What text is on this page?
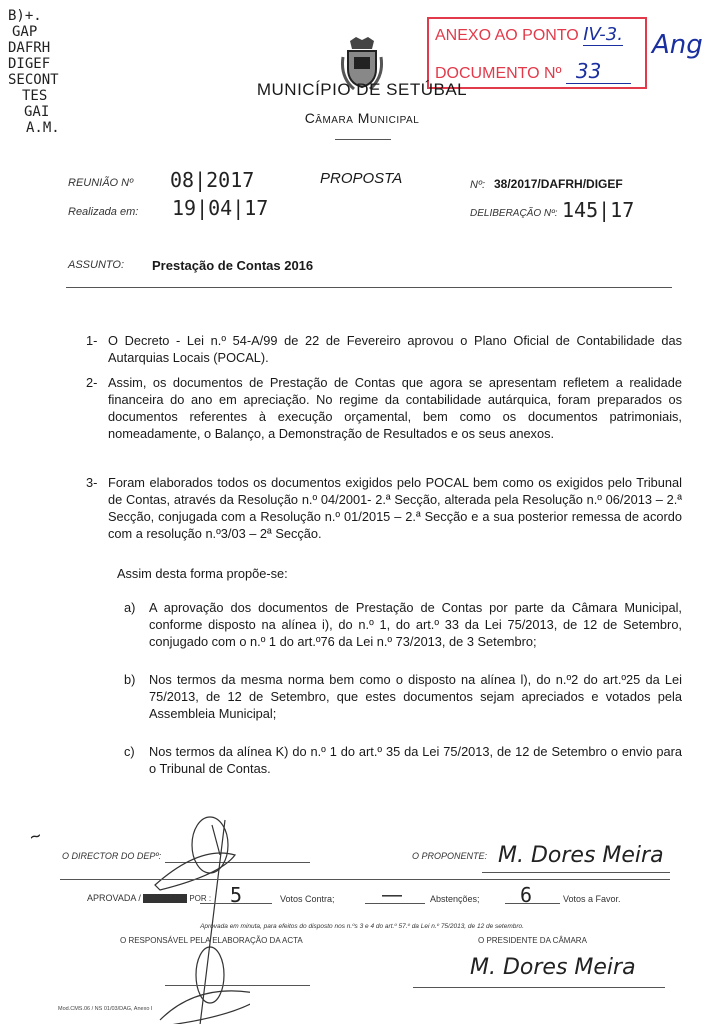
B)+.
GAP
DAFRH
DIGEF
SECONT
TES
GAI
A.M.
ANEXO AO PONTO IV-3.
DOCUMENTO Nº 33
Ang
MUNICÍPIO DE SETÚBAL
Câmara Municipal
REUNIÃO Nº 08|2017
Realizada em: 19|04|17
PROPOSTA	Nº: 38/2017/DAFRH/DIGEF
DELIBERAÇÃO Nº: 145|17
ASSUNTO: Prestação de Contas 2016
1- O Decreto - Lei n.º 54-A/99 de 22 de Fevereiro aprovou o Plano Oficial de Contabilidade das Autarquias Locais (POCAL).
2- Assim, os documentos de Prestação de Contas que agora se apresentam refletem a realidade financeira do ano em apreciação. No regime da contabilidade autárquica, foram preparados os documentos referentes à execução orçamental, bem como os documentos patrimoniais, nomeadamente, o Balanço, a Demonstração de Resultados e os seus anexos.
3- Foram elaborados todos os documentos exigidos pelo POCAL bem como os exigidos pelo Tribunal de Contas, através da Resolução n.º 04/2001- 2.ª Secção, alterada pela Resolução n.º 06/2013 – 2.ª Secção, conjugada com a Resolução n.º 01/2015 – 2.ª Secção e a sua posterior remessa de acordo com a resolução n.º3/03 – 2ª Secção.
Assim desta forma propõe-se:
a)	A aprovação dos documentos de Prestação de Contas por parte da Câmara Municipal, conforme disposto na alínea i), do n.º 1, do art.º 33 da Lei 75/2013, de 12 de Setembro, conjugado com o n.º 1 do art.º76 da Lei n.º 73/2013, de 3 Setembro;
b)	Nos termos da mesma norma bem como o disposto na alínea l), do n.º2 do art.º25 da Lei 75/2013, de 12 de Setembro, que estes documentos sejam apreciados e votados pela Assembleia Municipal;
c)	Nos termos da alínea K) do n.º 1 do art.º 35 da Lei 75/2013, de 12 de Setembro o envio para o Tribunal de Contas.
O DIRECTOR DO DEPº:
~
O PROPONENTE: M. Dores Meira
APROVADA / REJEITADA POR : 5	Votos Contra; —	Abstenções; 6	Votos a Favor.
Aprovada em minuta, para efeitos do disposto nos n.ºs 3 e 4 do art.º 57.º da Lei n.º 75/2013, de 12 de setembro.
O RESPONSÁVEL PELA ELABORAÇÃO DA ACTA	O PRESIDENTE DA CÂMARA
M. Dores Meira
Mod.CMS.06 / NS 01/03/DAG, Anexo I
